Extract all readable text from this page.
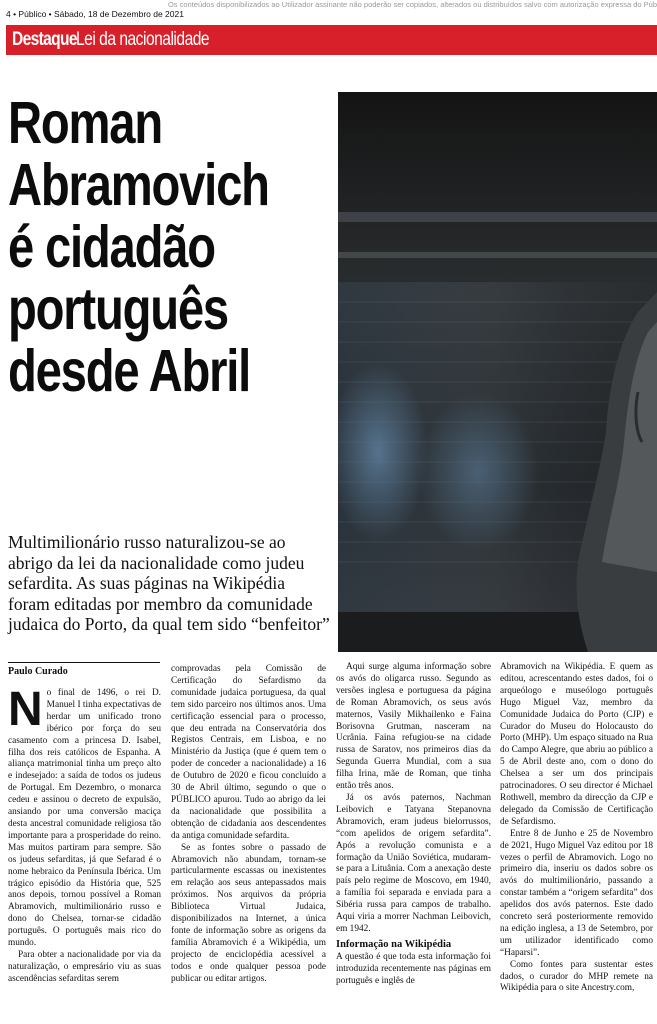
Os conteúdos disponibilizados ao Utilizador assinante não poderão ser copiados, alterados ou distribuídos salvo com autorização expressa do Púb
4 • Público • Sábado, 18 de Dezembro de 2021
Destaque Lei da nacionalidade
Roman
Abramovich
é cidadão
português
desde Abril
Multimilionário russo naturalizou-se ao abrigo da lei da nacionalidade como judeu sefardita. As suas páginas na Wikipédia foram editadas por membro da comunidade judaica do Porto, da qual tem sido “benfeitor”
Paulo Curado

No final de 1496, o rei D. Manuel I tinha expectativas de herdar um unificado trono ibérico por força do seu casamento com a princesa D. Isabel, filha dos reis católicos de Espanha. A aliança matrimonial tinha um preço alto e indesejado: a saída de todos os judeus de Portugal. Em Dezembro, o monarca cedeu e assinou o decreto de expulsão, ansiando por uma conversão maciça desta ancestral comunidade religiosa tão importante para a prosperidade do reino. Mas muitos partiram para sempre. São os judeus sefarditas, já que Sefarad é o nome hebraico da Península Ibérica. Um trágico episódio da História que, 525 anos depois, tornou possível a Roman Abramovich, multimilionário russo e dono do Chelsea, tornar-se cidadão português. O português mais rico do mundo.

Para obter a nacionalidade por via da naturalização, o empresário viu as suas ascendências sefarditas serem

comprovadas pela Comissão de Certificação do Sefardismo da comunidade judaica portuguesa, da qual tem sido parceiro nos últimos anos. Uma certificação essencial para o processo, que deu entrada na Conservatória dos Registos Centrais, em Lisboa, e no Ministério da Justiça (que é quem tem o poder de conceder a nacionalidade) a 16 de Outubro de 2020 e ficou concluído a 30 de Abril último, segundo o que o PÚBLICO apurou. Tudo ao abrigo da lei da nacionalidade que possibilita a obtenção de cidadania aos descendentes da antiga comunidade sefardita.

Se as fontes sobre o passado de Abramovich não abundam, tornam-se particularmente escassas ou inexistentes em relação aos seus antepassados mais próximos. Nos arquivos da própria Biblioteca Virtual Judaica, disponibilizados na Internet, a única fonte de informação sobre as origens da família Abramovich é a Wikipédia, um projecto de enciclopédia acessível a todos e onde qualquer pessoa pode publicar ou editar artigos.

Aqui surge alguma informação sobre os avós do oligarca russo. Segundo as versões inglesa e portuguesa da página de Roman Abramovich, os seus avós maternos, Vasily Mikhailenko e Faina Borisovna Grutman, nasceram na Ucrânia. Faina refugiou-se na cidade russa de Saratov, nos primeiros dias da Segunda Guerra Mundial, com a sua filha Irina, mãe de Roman, que tinha então três anos.

Já os avós paternos, Nachman Leibovich e Tatyana Stepanovna Abramovich, eram judeus bielorrussos, “com apelidos de origem sefardita”. Após a revolução comunista e a formação da União Soviética, mudaram-se para a Lituânia. Com a anexação deste país pelo regime de Moscovo, em 1940, a família foi separada e enviada para a Sibéria russa para campos de trabalho. Aqui viria a morrer Nachman Leibovich, em 1942.

Informação na Wikipédia

A questão é que toda esta informação foi introduzida recentemente nas páginas em português e inglês de

Abramovich na Wikipédia. E quem as editou, acrescentando estes dados, foi o arqueólogo e museólogo português Hugo Miguel Vaz, membro da Comunidade Judaica do Porto (CJP) e Curador do Museu do Holocausto do Porto (MHP). Um espaço situado na Rua do Campo Alegre, que abriu ao público a 5 de Abril deste ano, com o dono do Chelsea a ser um dos principais patrocinadores. O seu director é Michael Rothwell, membro da direcção da CJP e delegado da Comissão de Certificação de Sefardismo.

Entre 8 de Junho e 25 de Novembro de 2021, Hugo Miguel Vaz editou por 18 vezes o perfil de Abramovich. Logo no primeiro dia, inseriu os dados sobre os avós do multimilionário, passando a constar também a “origem sefardita” dos apelidos dos avós paternos. Este dado concreto será posteriormente removido na edição inglesa, a 13 de Setembro, por um utilizador identificado como “Haparsi”.

Como fontes para sustentar estes dados, o curador do MHP remete na Wikipédia para o site Ancestry.com,
